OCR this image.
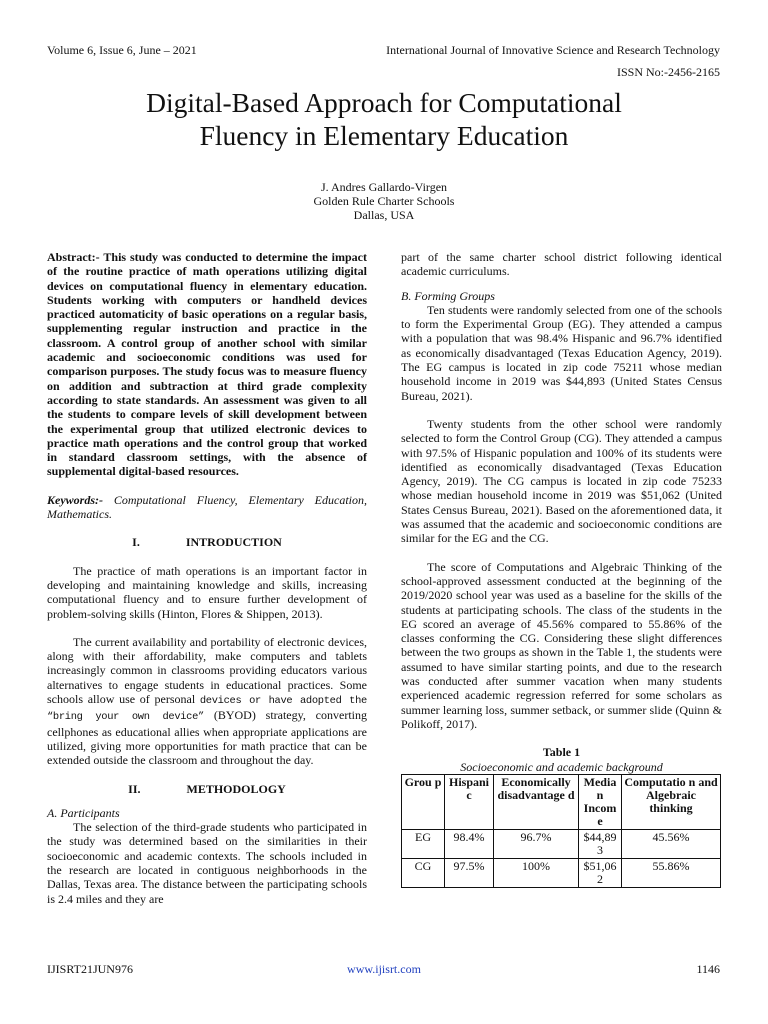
Volume 6, Issue 6, June – 2021	International Journal of Innovative Science and Research Technology
ISSN No:-2456-2165
Digital-Based Approach for Computational
Fluency in Elementary Education
J. Andres Gallardo-Virgen
Golden Rule Charter Schools
Dallas, USA

Abstract:- This study was conducted to determine the impact of the routine practice of math operations utilizing digital devices on computational fluency in elementary education. Students working with computers or handheld devices practiced automaticity of basic operations on a regular basis, supplementing regular instruction and practice in the classroom. A control group of another school with similar academic and socioeconomic conditions was used for comparison purposes. The study focus was to measure fluency on addition and subtraction at third grade complexity according to state standards. An assessment was given to all the students to compare levels of skill development between the experimental group that utilized electronic devices to practice math operations and the control group that worked in standard classroom settings, with the absence of supplemental digital-based resources.

Keywords:- Computational Fluency, Elementary Education, Mathematics.

I.	INTRODUCTION

The practice of math operations is an important factor in developing and maintaining knowledge and skills, increasing computational fluency and to ensure further development of problem-solving skills (Hinton, Flores & Shippen, 2013).

The current availability and portability of electronic devices, along with their affordability, make computers and tablets increasingly common in classrooms providing educators various alternatives to engage students in educational practices. Some schools allow use of personal devices or have adopted the “bring your own device” (BYOD) strategy, converting cellphones as educational allies when appropriate applications are utilized, giving more opportunities for math practice that can be extended outside the classroom and throughout the day.

II.	METHODOLOGY

A. Participants

The selection of the third-grade students who participated in the study was determined based on the similarities in their socioeconomic and academic contexts. The schools included in the research are located in contiguous neighborhoods in the Dallas, Texas area. The distance between the participating schools is 2.4 miles and they are

part of the same charter school district following identical academic curriculums.

B. Forming Groups

Ten students were randomly selected from one of the schools to form the Experimental Group (EG). They attended a campus with a population that was 98.4% Hispanic and 96.7% identified as economically disadvantaged (Texas Education Agency, 2019). The EG campus is located in zip code 75211 whose median household income in 2019 was $44,893 (United States Census Bureau, 2021).

Twenty students from the other school were randomly selected to form the Control Group (CG). They attended a campus with 97.5% of Hispanic population and 100% of its students were identified as economically disadvantaged (Texas Education Agency, 2019). The CG campus is located in zip code 75233 whose median household income in 2019 was $51,062 (United States Census Bureau, 2021). Based on the aforementioned data, it was assumed that the academic and socioeconomic conditions are similar for the EG and the CG.

The score of Computations and Algebraic Thinking of the school-approved assessment conducted at the beginning of the 2019/2020 school year was used as a baseline for the skills of the students at participating schools. The class of the students in the EG scored an average of 45.56% compared to 55.86% of the classes conforming the CG. Considering these slight differences between the two groups as shown in the Table 1, the students were assumed to have similar starting points, and due to the research was conducted after summer vacation when many students experienced academic regression referred for some scholars as summer learning loss, summer setback, or summer slide (Quinn & Polikoff, 2017).

Table 1

Socioeconomic and academic background

Grou p	Hispani c	Economically disadvantage d	Media n Incom e	Computatio n and Algebraic thinking
EG	98.4%	96.7%	$44,89 3	45.56%
CG	97.5%	100%	$51,06 2	55.86%
IJISRT21JUN976	www.ijisrt.com	1146
